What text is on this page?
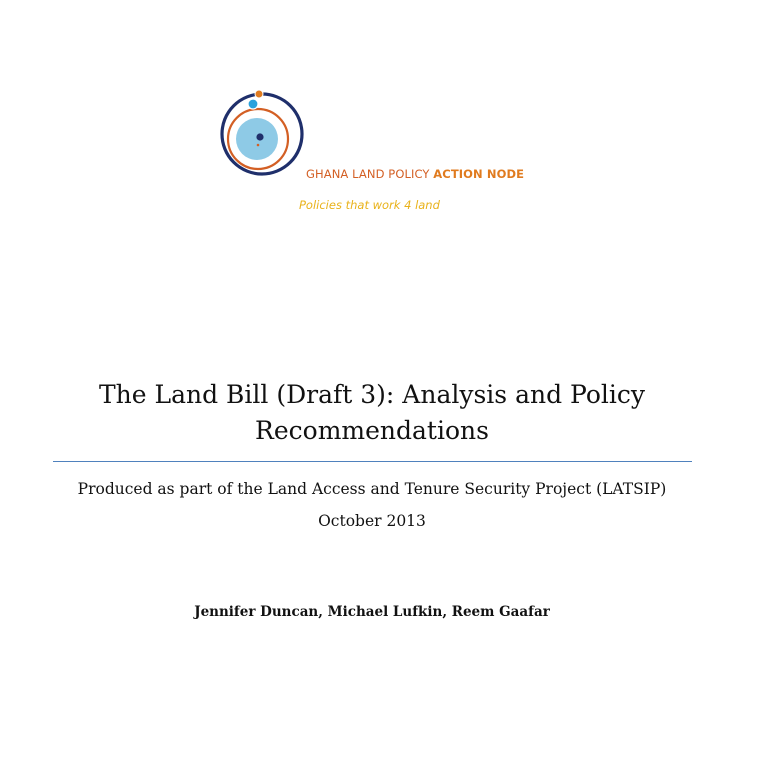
GHANA LAND POLICY ACTION NODE
Policies that work 4 land
The Land Bill (Draft 3): Analysis and Policy
Recommendations
Produced as part of the Land Access and Tenure Security Project (LATSIP)
October 2013
Jennifer Duncan, Michael Lufkin, Reem Gaafar
